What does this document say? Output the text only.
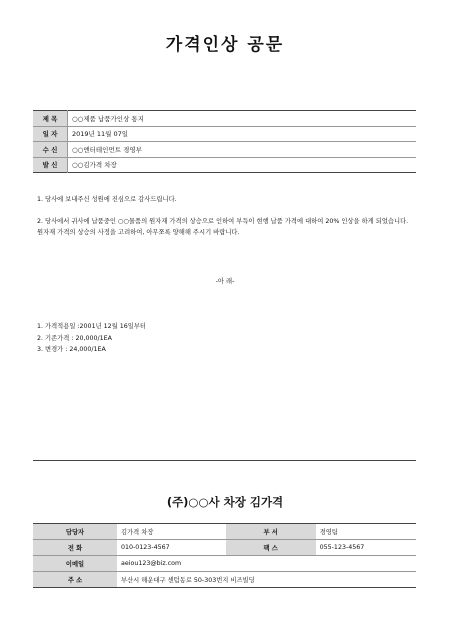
가격인상 공문
제 목	○○제품 납품가인상 통지
일 자	2019년 11월 07일
수 신	○○엔터테인먼트 경영부
발 신	○○김가격 차장
1. 당사에 보내주신 성원에 진심으로 감사드립니다.
2. 당사에서 귀사에 납품중인 ○○물품의 원자재 가격의 상승으로 인하여 부득이 현행 납품 가격에 대하여 20% 인상을 하게 되었습니다. 원자재 가격의 상승의 사정을 고려하여, 아무쪼록 양해해 주시기 바랍니다.
-아 래-
1. 가격적용일 :2001년 12월 16일부터
2. 기존가격 : 20,000/1EA
3. 변경가 : 24,000/1EA
(주)○○사 차장 김가격
담당자	김가격 차장	부 서	경영팀
전 화	010-0123-4567	팩 스	055-123-4567
이메일	aeiou123@biz.com		
주 소	부산시 해운대구 센텀동로 50-303번지 비즈빌딩		
